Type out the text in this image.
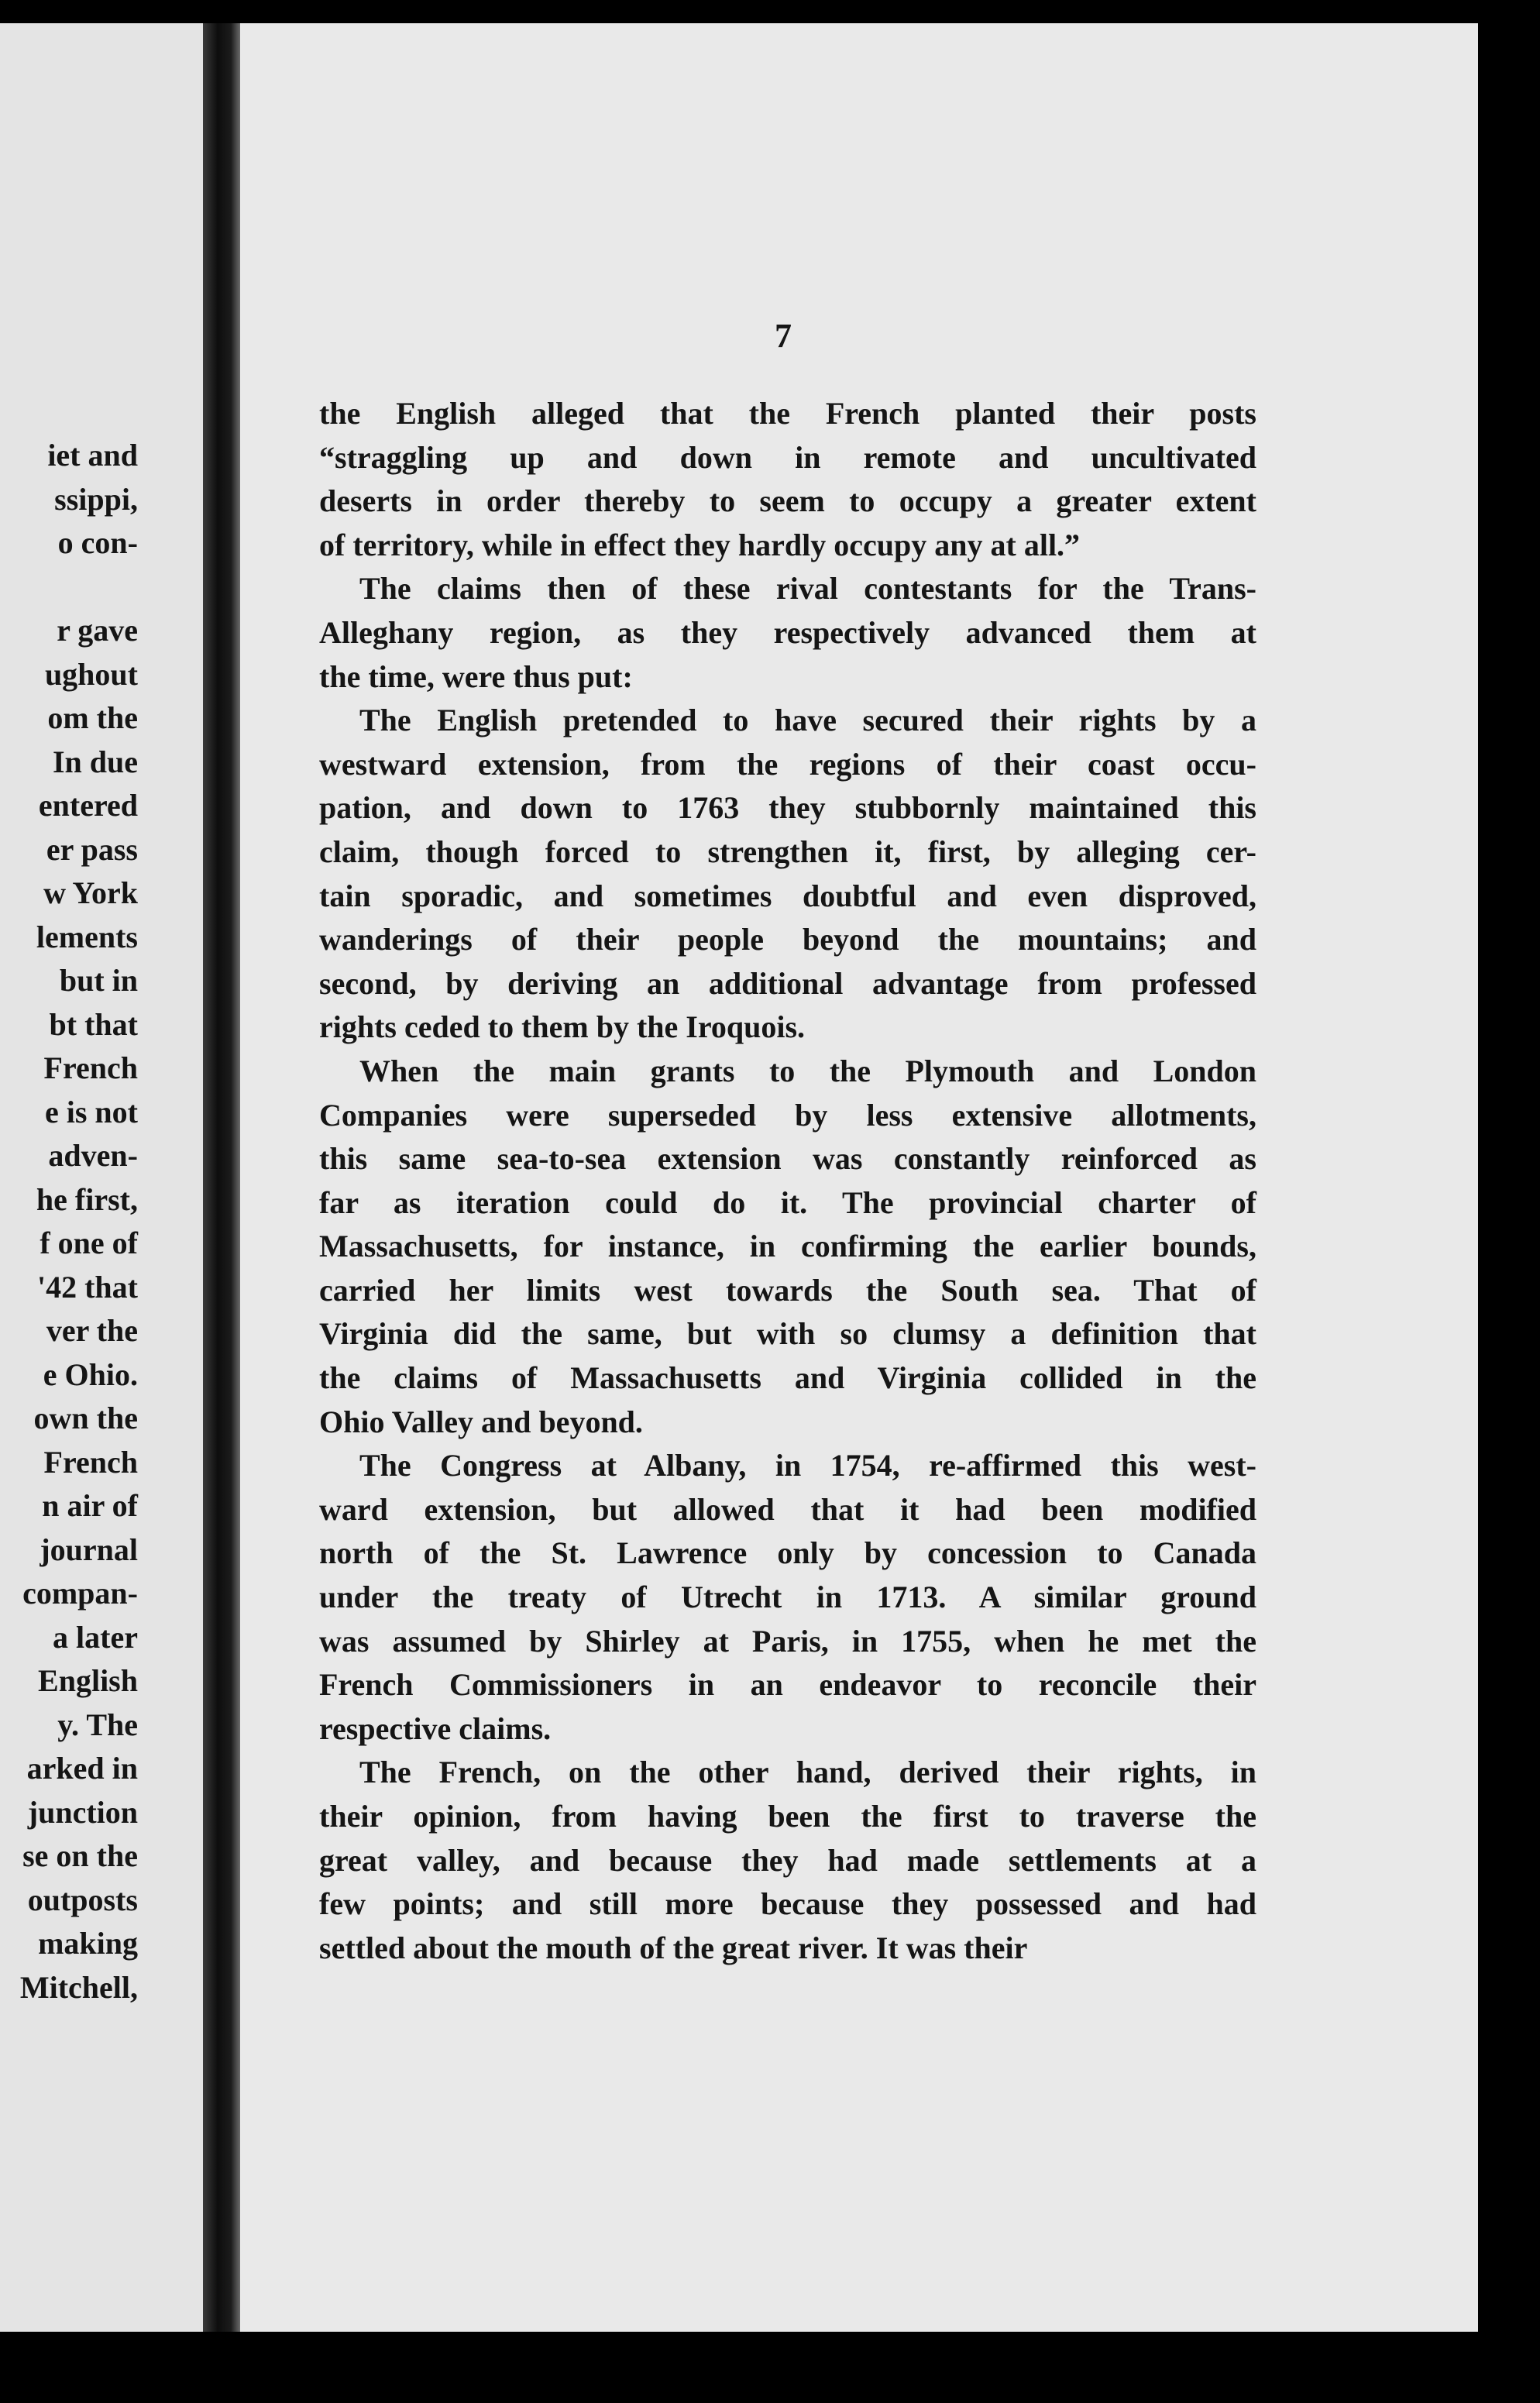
iet and
ssippi,
o con-

r gave
ughout
om the
In due
entered
er pass
w York
lements
but in
bt that
French
e is not
adven-
he first,
f one of
'42 that
ver the
e Ohio.
own the
French
n air of
journal
compan-
a later
English
y. The
arked in
junction
se on the
outposts
making
Mitchell,

7

the English alleged that the French planted their posts
“straggling up and down in remote and uncultivated
deserts in order thereby to seem to occupy a greater extent
of territory, while in effect they hardly occupy any at all.”
The claims then of these rival contestants for the Trans-
Alleghany region, as they respectively advanced them at
the time, were thus put:
The English pretended to have secured their rights by a
westward extension, from the regions of their coast occu-
pation, and down to 1763 they stubbornly maintained this
claim, though forced to strengthen it, first, by alleging cer-
tain sporadic, and sometimes doubtful and even disproved,
wanderings of their people beyond the mountains; and
second, by deriving an additional advantage from professed
rights ceded to them by the Iroquois.
When the main grants to the Plymouth and London
Companies were superseded by less extensive allotments,
this same sea-to-sea extension was constantly reinforced as
far as iteration could do it. The provincial charter of
Massachusetts, for instance, in confirming the earlier bounds,
carried her limits west towards the South sea. That of
Virginia did the same, but with so clumsy a definition that
the claims of Massachusetts and Virginia collided in the
Ohio Valley and beyond.
The Congress at Albany, in 1754, re-affirmed this west-
ward extension, but allowed that it had been modified
north of the St. Lawrence only by concession to Canada
under the treaty of Utrecht in 1713. A similar ground
was assumed by Shirley at Paris, in 1755, when he met the
French Commissioners in an endeavor to reconcile their
respective claims.
The French, on the other hand, derived their rights, in
their opinion, from having been the first to traverse the
great valley, and because they had made settlements at a
few points; and still more because they possessed and had
settled about the mouth of the great river. It was their
